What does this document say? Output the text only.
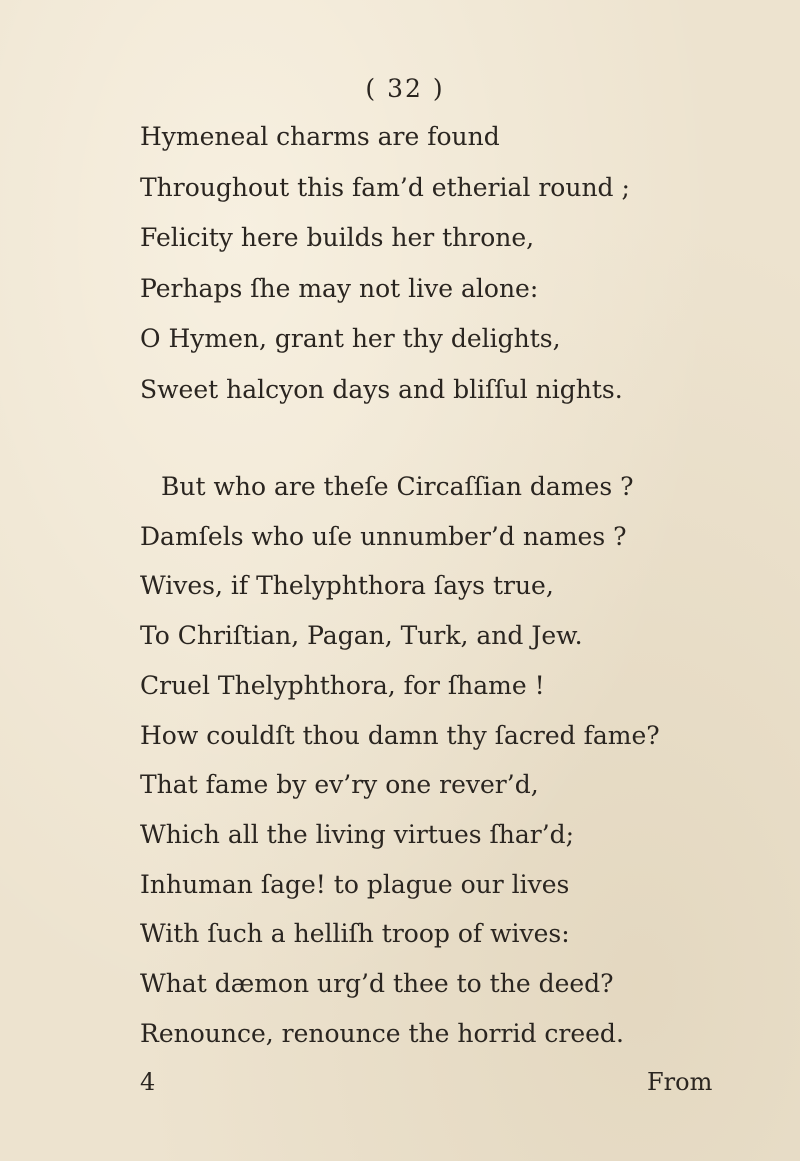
( 32 )
Hymeneal charms are found
Throughout this fam’d etherial round ;
Felicity here builds her throne,
Perhaps ſhe may not live alone:
O Hymen, grant her thy delights,
Sweet halcyon days and bliſſul nights.
But who are theſe Circaſſian dames ?
Damſels who uſe unnumber’d names ?
Wives, if Thelyphthora ſays true,
To Chriſtian, Pagan, Turk, and Jew.
Cruel Thelyphthora, for ſhame !
How couldſt thou damn thy ſacred fame?
That fame by ev’ry one rever’d,
Which all the living virtues ſhar’d;
Inhuman ſage! to plague our lives
With ſuch a helliſh troop of wives:
What dæmon urg’d thee to the deed?
Renounce, renounce the horrid creed.
4	From
